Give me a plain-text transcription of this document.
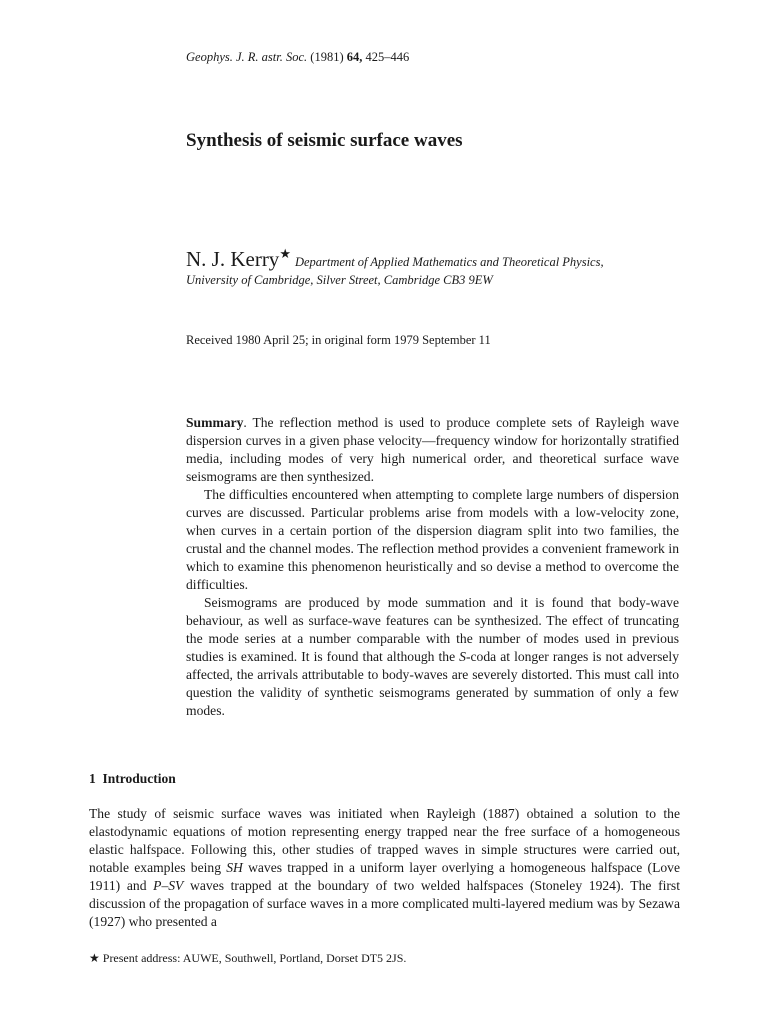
Geophys. J. R. astr. Soc. (1981) 64, 425–446
Synthesis of seismic surface waves
N. J. Kerry★ Department of Applied Mathematics and Theoretical Physics,
University of Cambridge, Silver Street, Cambridge CB3 9EW
Received 1980 April 25; in original form 1979 September 11

Summary. The reflection method is used to produce complete sets of Rayleigh wave dispersion curves in a given phase velocity—frequency window for horizontally stratified media, including modes of very high numerical order, and theoretical surface wave seismograms are then synthesized.

The difficulties encountered when attempting to complete large numbers of dispersion curves are discussed. Particular problems arise from models with a low-velocity zone, when curves in a certain portion of the dispersion diagram split into two families, the crustal and the channel modes. The reflection method provides a convenient framework in which to examine this phenomenon heuristically and so devise a method to overcome the difficulties.

Seismograms are produced by mode summation and it is found that body-wave behaviour, as well as surface-wave features can be synthesized. The effect of truncating the mode series at a number comparable with the number of modes used in previous studies is examined. It is found that although the S-coda at longer ranges is not adversely affected, the arrivals attributable to body-waves are severely distorted. This must call into question the validity of synthetic seismograms generated by summation of only a few modes.

1 Introduction

The study of seismic surface waves was initiated when Rayleigh (1887) obtained a solution to the elastodynamic equations of motion representing energy trapped near the free surface of a homogeneous elastic halfspace. Following this, other studies of trapped waves in simple structures were carried out, notable examples being SH waves trapped in a uniform layer overlying a homogeneous halfspace (Love 1911) and P–SV waves trapped at the boundary of two welded halfspaces (Stoneley 1924). The first discussion of the propagation of surface waves in a more complicated multi-layered medium was by Sezawa (1927) who presented a

★ Present address: AUWE, Southwell, Portland, Dorset DT5 2JS.
